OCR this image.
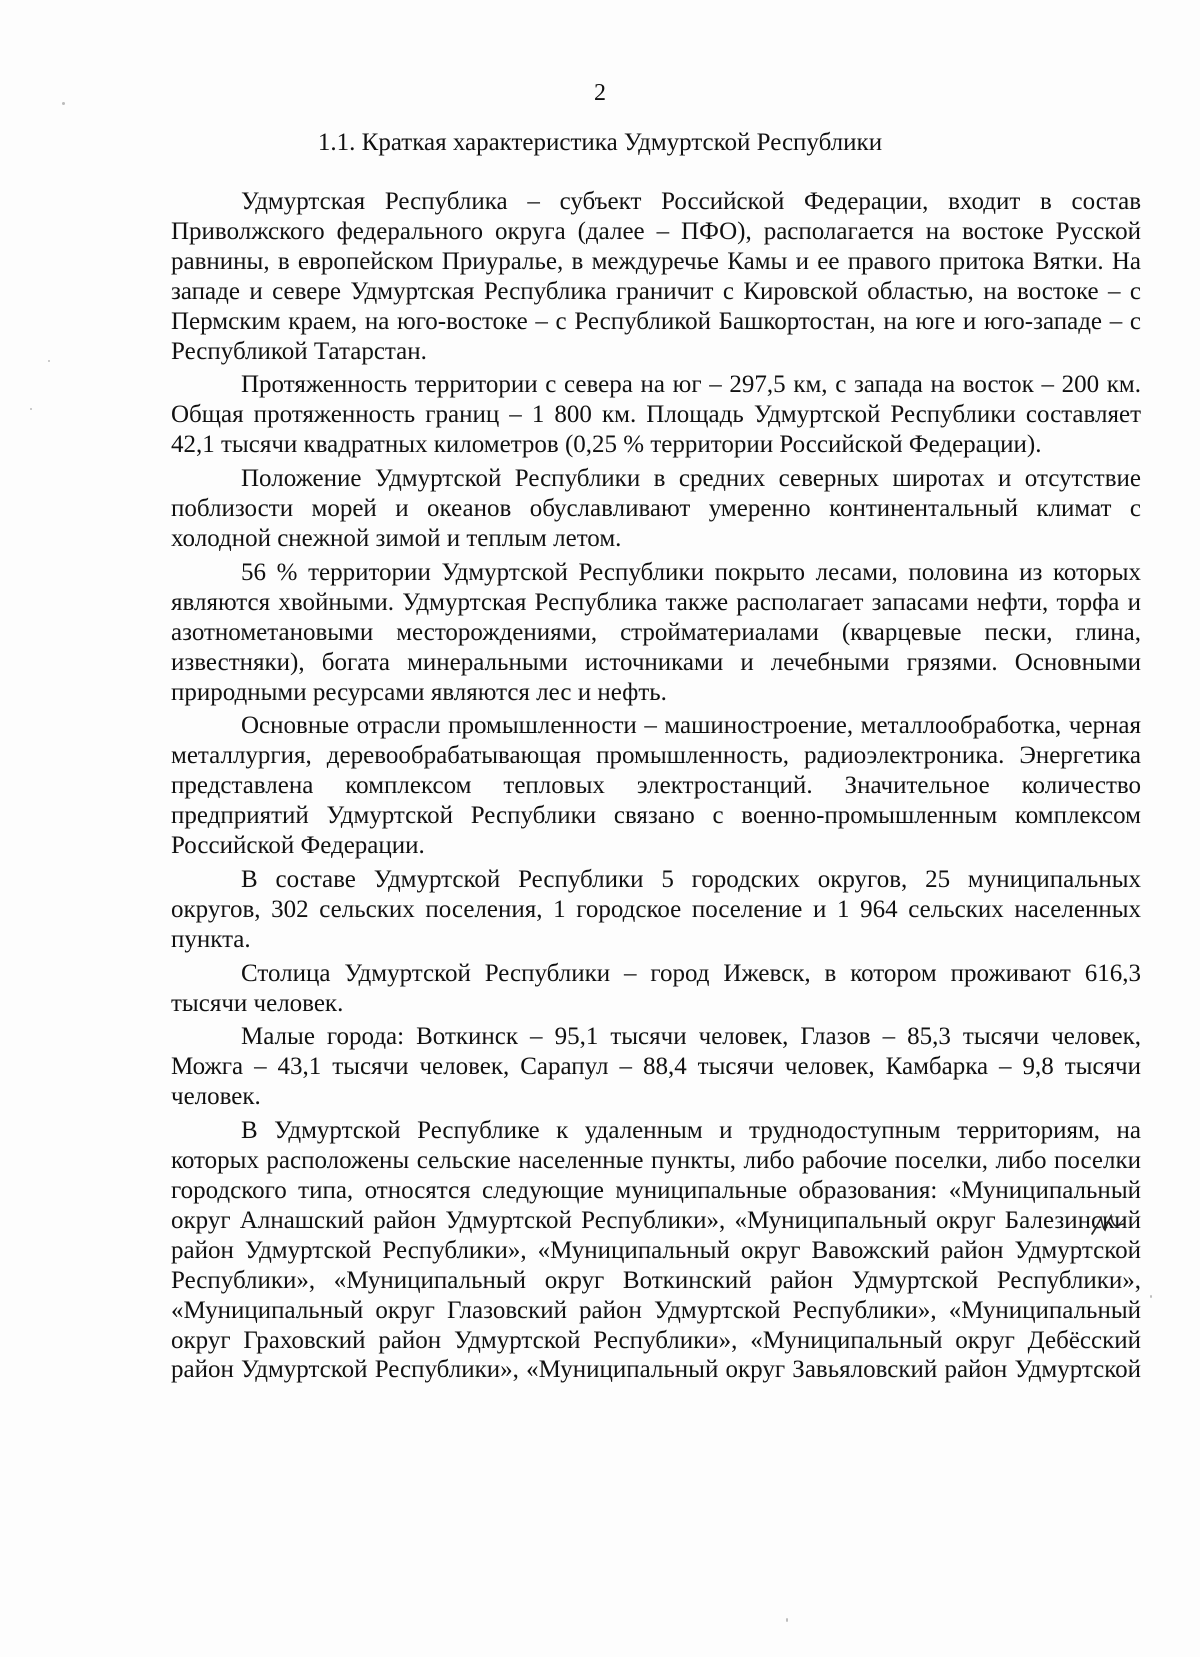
2
1.1. Краткая характеристика Удмуртской Республики

Удмуртская Республика – субъект Российской Федерации, входит в состав Приволжского федерального округа (далее – ПФО), располагается на востоке Русской равнины, в европейском Приуралье, в междуречье Камы и ее правого притока Вятки. На западе и севере Удмуртская Республика граничит с Кировской областью, на востоке – с Пермским краем, на юго-востоке – с Республикой Башкортостан, на юге и юго-западе – с Республикой Татарстан.

Протяженность территории с севера на юг – 297,5 км, с запада на восток – 200 км. Общая протяженность границ – 1 800 км. Площадь Удмуртской Республики составляет 42,1 тысячи квадратных километров (0,25 % территории Российской Федерации).

Положение Удмуртской Республики в средних северных широтах и отсутствие поблизости морей и океанов обуславливают умеренно континентальный климат с холодной снежной зимой и теплым летом.

56 % территории Удмуртской Республики покрыто лесами, половина из которых являются хвойными. Удмуртская Республика также располагает запасами нефти, торфа и азотнометановыми месторождениями, стройматериалами (кварцевые пески, глина, известняки), богата минеральными источниками и лечебными грязями. Основными природными ресурсами являются лес и нефть.

Основные отрасли промышленности – машиностроение, металлообработка, черная металлургия, деревообрабатывающая промышленность, радиоэлектроника. Энергетика представлена комплексом тепловых электростанций. Значительное количество предприятий Удмуртской Республики связано с военно-промышленным комплексом Российской Федерации.

В составе Удмуртской Республики 5 городских округов, 25 муниципальных округов, 302 сельских поселения, 1 городское поселение и 1 964 сельских населенных пункта.

Столица Удмуртской Республики – город Ижевск, в котором проживают 616,3 тысячи человек.

Малые города: Воткинск – 95,1 тысячи человек, Глазов – 85,3 тысячи человек, Можга – 43,1 тысячи человек, Сарапул – 88,4 тысячи человек, Камбарка – 9,8 тысячи человек.

В Удмуртской Республике к удаленным и труднодоступным территориям, на которых расположены сельские населенные пункты, либо рабочие поселки, либо поселки городского типа, относятся следующие муниципальные образования: «Муниципальный округ Алнашский район Удмуртской Республики», «Муниципальный округ Балезинский район Удмуртской Республики», «Муниципальный округ Вавожский район Удмуртской Республики», «Муниципальный округ Воткинский район Удмуртской Республики», «Муниципальный округ Глазовский район Удмуртской Республики», «Муниципальный округ Граховский район Удмуртской Республики», «Муниципальный округ Дебёсский район Удмуртской Республики», «Муниципальный округ Завьяловский район Удмуртской
